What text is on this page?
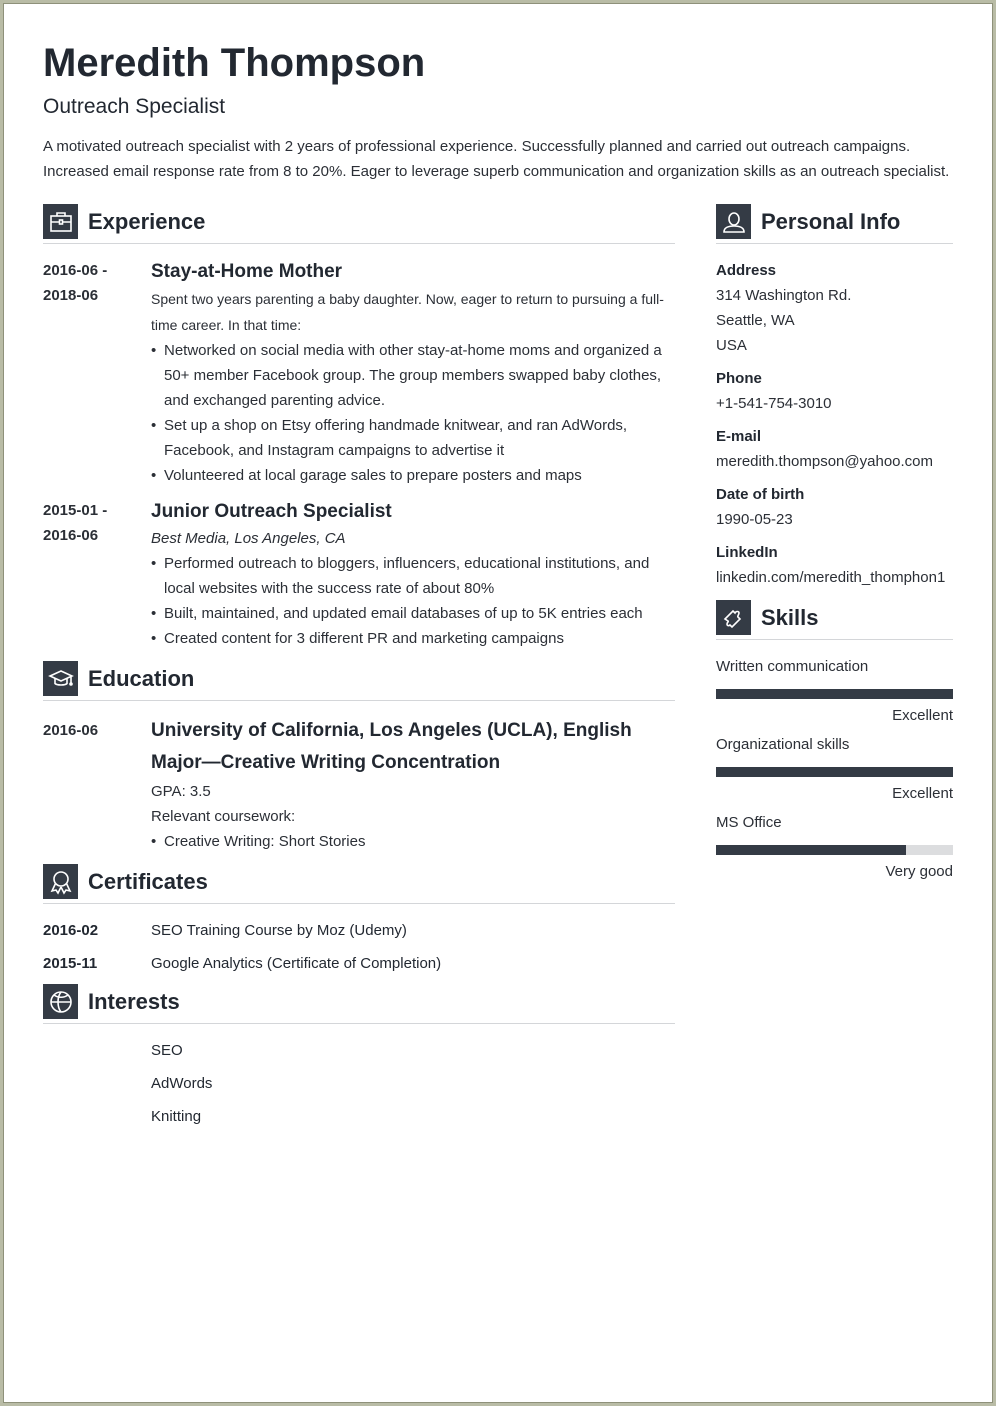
Meredith Thompson
Outreach Specialist
A motivated outreach specialist with 2 years of professional experience. Successfully planned and carried out outreach campaigns. Increased email response rate from 8 to 20%. Eager to leverage superb communication and organization skills as an outreach specialist.
Experience
2016-06 -
2018-06
Stay-at-Home Mother
Spent two years parenting a baby daughter. Now, eager to return to pursuing a full-time career. In that time:
• Networked on social media with other stay-at-home moms and organized a 50+ member Facebook group. The group members swapped baby clothes, and exchanged parenting advice.
• Set up a shop on Etsy offering handmade knitwear, and ran AdWords, Facebook, and Instagram campaigns to advertise it
• Volunteered at local garage sales to prepare posters and maps
2015-01 -
2016-06
Junior Outreach Specialist
Best Media, Los Angeles, CA
• Performed outreach to bloggers, influencers, educational institutions, and local websites with the success rate of about 80%
• Built, maintained, and updated email databases of up to 5K entries each
• Created content for 3 different PR and marketing campaigns
Education
2016-06	University of California, Los Angeles (UCLA), English Major—Creative Writing Concentration
GPA: 3.5
Relevant coursework:
• Creative Writing: Short Stories
Certificates
2016-02	SEO Training Course by Moz (Udemy)
2015-11	Google Analytics (Certificate of Completion)
Interests
SEO
AdWords
Knitting
Personal Info
Address
314 Washington Rd.
Seattle, WA
USA
Phone
+1-541-754-3010
E-mail
meredith.thompson@yahoo.com
Date of birth
1990-05-23
LinkedIn
linkedin.com/meredith_thomphon1
Skills
Written communication
Excellent
Organizational skills
Excellent
MS Office
Very good
